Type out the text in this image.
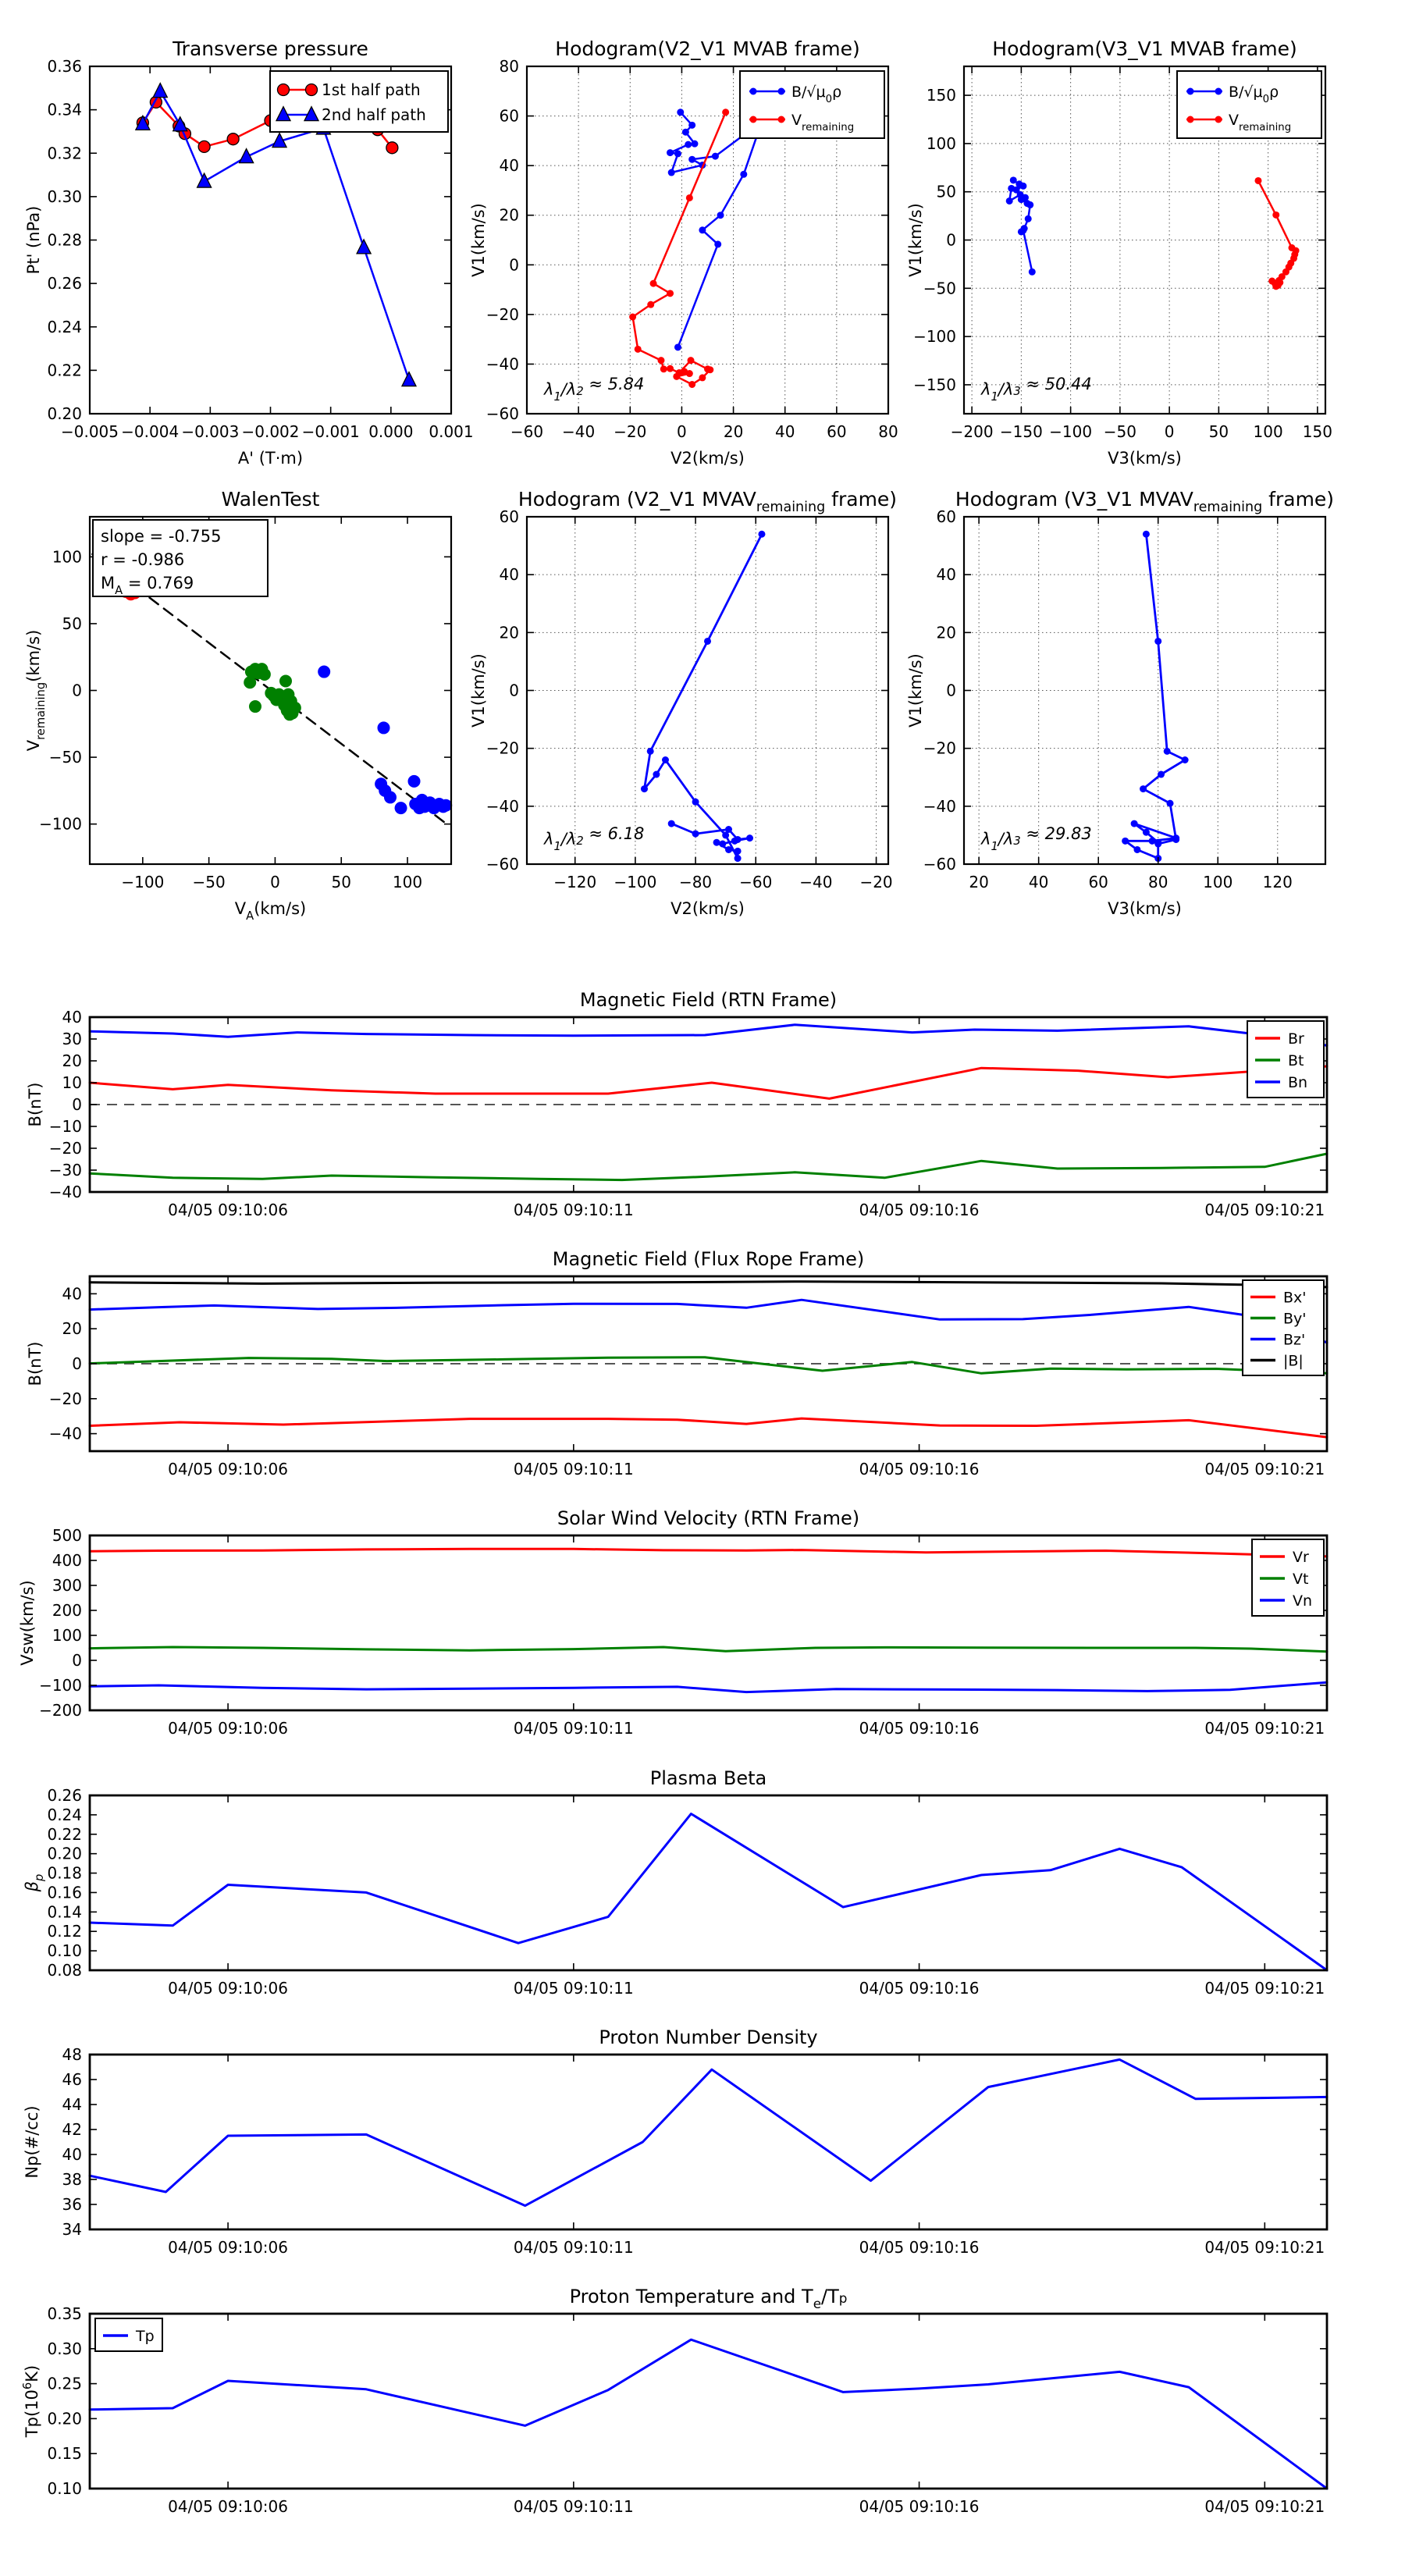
−0.005 −0.004 −0.003 −0.002 −0.001 0.000 0.001
0.20
0.22
0.24
0.26
0.28
0.30
0.32
0.34
0.36
Transverse pressure
A' (T·m)
Pt' (nPa)
1st half path
2nd half path
−60 −40 −20 0 20 40 60 80
−60
−40
−20
0
20
40
60
80
Hodogram(V2_V1 MVAB frame)
V2(km/s)
V1(km/s)
$B/√\mu_0\rho$
$V_{remaining}$
$\lambda_1/\lambda 2 \approx 5.84$
−200 −150 −100 −50 0 50 100 150
−150
−100
−50
0
50
100
150
Hodogram(V3_V1 MVAB frame)
V3(km/s)
V1(km/s)
$B/√\mu_0\rho$
$V_{remaining}$
$\lambda_1/\lambda 3 \approx 50.44$
−100 −50	0	50	100
−100
−50
0
50
100
WalenTest
$V_A(km/s)$
$V_{remaining}(km/s)$
slope = -0.755
r = -0.986
$M_A = 0.769$
−120 −100 −80 −60 −40 −20
−60
−40
−20
0
20
40
60
Hodogram (V2_V1 $MVAV_{remaining}$ frame)
V2(km/s)
V1(km/s)
$\lambda_1/\lambda 2 \approx 6.18$
20	40	60	80 100 120
−60
−40
−20
0
20
40
60
Hodogram (V3_V1 $MVAV_{remaining}$ frame)
V3(km/s)
V1(km/s)
$\lambda_1/\lambda 3 \approx 29.83$
04/05 09:10:06	04/05 09:10:11	04/05 09:10:16	04/05 09:10:21
−40
−30
−20
−10
0
10
20
30
40
Magnetic Field (RTN Frame)
B(nT)
Br
Bt
Bn
04/05 09:10:06	04/05 09:10:11	04/05 09:10:16	04/05 09:10:21
−40
−20
0
20
40
Magnetic Field (Flux Rope Frame)
B(nT)
Bx'
By'
Bz'
|B|
04/05 09:10:06	04/05 09:10:11	04/05 09:10:16	04/05 09:10:21
−200
−100
0
100
200
300
400
500
Solar Wind Velocity (RTN Frame)
Vsw(km/s)
Vr
Vt
Vn
04/05 09:10:06	04/05 09:10:11	04/05 09:10:16	04/05 09:10:21
0.08
0.10
0.12
0.14
0.16
0.18
0.20
0.22
0.24
0.26
Plasma Beta
$\beta_p$
04/05 09:10:06	04/05 09:10:11	04/05 09:10:16	04/05 09:10:21
34
36
38
40
42
44
46
48
Proton Number Density
Np(#/cc)
04/05 09:10:06	04/05 09:10:11	04/05 09:10:16	04/05 09:10:21
0.10
0.15
0.20
0.25
0.30
0.35
Proton Temperature and $T_e/Tp$
$Tp(10^6K)$
Tp
